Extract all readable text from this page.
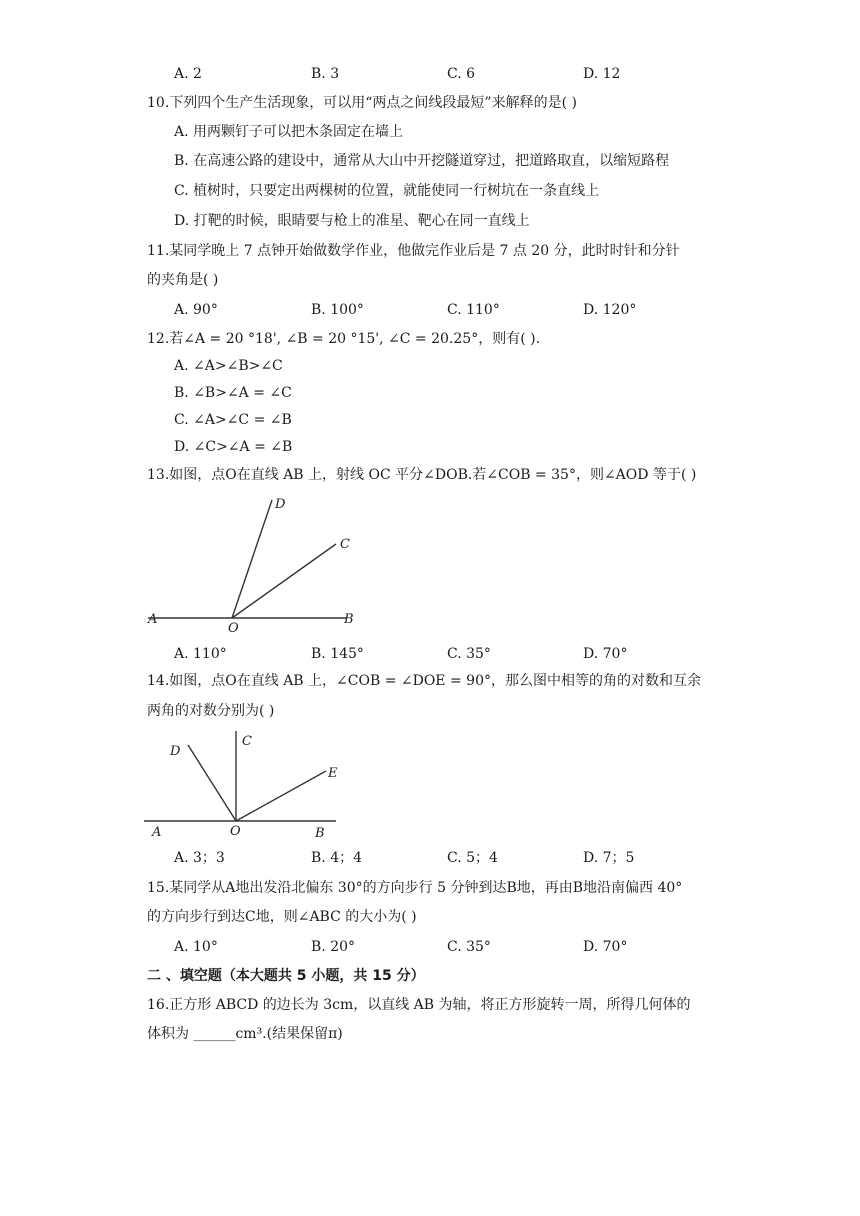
A. 2	B. 3	C. 6	D. 12
10.下列四个生产生活现象，可以用“两点之间线段最短”来解释的是( )
A. 用两颗钉子可以把木条固定在墙上
B. 在高速公路的建设中，通常从大山中开挖隧道穿过，把道路取直，以缩短路程
C. 植树时，只要定出两棵树的位置，就能使同一行树坑在一条直线上
D. 打靶的时候，眼睛要与枪上的准星、靶心在同一直线上
11.某同学晚上 7 点钟开始做数学作业，他做完作业后是 7 点 20 分，此时时针和分针
的夹角是( )
A. 90°	B. 100°	C. 110°	D. 120°
12.若∠A = 20 °18', ∠B = 20 °15', ∠C = 20.25°，则有( ).
A. ∠A>∠B>∠C
B. ∠B>∠A = ∠C
C. ∠A>∠C = ∠B
D. ∠C>∠A = ∠B
13.如图，点O在直线 AB 上，射线 OC 平分∠DOB.若∠COB = 35°，则∠AOD 等于( )
A	B
O
D
C
A. 110°	B. 145°	C. 35°	D. 70°
14.如图，点O在直线 AB 上，∠COB = ∠DOE = 90°，那么图中相等的角的对数和互余
两角的对数分别为( )
A	B
O
C
D
E
A. 3；3	B. 4；4	C. 5；4	D. 7；5
15.某同学从A地出发沿北偏东 30°的方向步行 5 分钟到达B地，再由B地沿南偏西 40°
的方向步行到达C地，则∠ABC 的大小为( )
A. 10°	B. 20°	C. 35°	D. 70°
二 、填空题（本大题共 5 小题，共 15 分）
16.正方形 ABCD 的边长为 3cm，以直线 AB 为轴，将正方形旋转一周，所得几何体的
体积为 ______cm³.(结果保留π)
